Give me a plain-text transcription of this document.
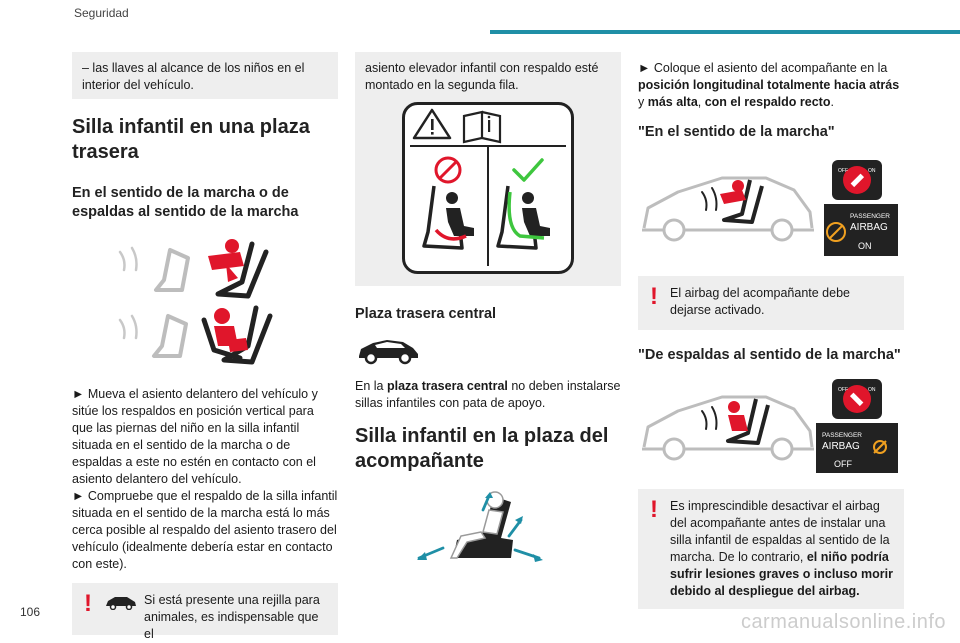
Seguridad
– las llaves al alcance de los niños en el interior del vehículo.
Silla infantil en una plaza trasera
En el sentido de la marcha o de espaldas al sentido de la marcha

► Mueva el asiento delantero del vehículo y sitúe los respaldos en posición vertical para que las piernas del niño en la silla infantil situada en el sentido de la marcha o de espaldas a este no estén en contacto con el asiento delantero del vehículo.

► Compruebe que el respaldo de la silla infantil situada en el sentido de la marcha está lo más cerca posible al respaldo del asiento trasero del vehículo (idealmente debería estar en contacto con este).

!	Si está presente una rejilla para animales, es indispensable que el

asiento elevador infantil con respaldo esté montado en la segunda fila.

Plaza trasera central

En la plaza trasera central no deben instalarse sillas infantiles con pata de apoyo.

Silla infantil en la plaza del acompañante

► Coloque el asiento del acompañante en la posición longitudinal totalmente hacia atrás y más alta, con el respaldo recto.

"En el sentido de la marcha"
OFF	ON
PASSENGER
AIRBAG
ON
! El airbag del acompañante debe dejarse activado.
"De espaldas al sentido de la marcha"
OFF	ON
PASSENGER
AIRBAG
OFF
! Es imprescindible desactivar el airbag del acompañante antes de instalar una silla infantil de espaldas al sentido de la marcha. De lo contrario, el niño podría sufrir lesiones graves o incluso morir debido al despliegue del airbag.
106	carmanualsonline.info
